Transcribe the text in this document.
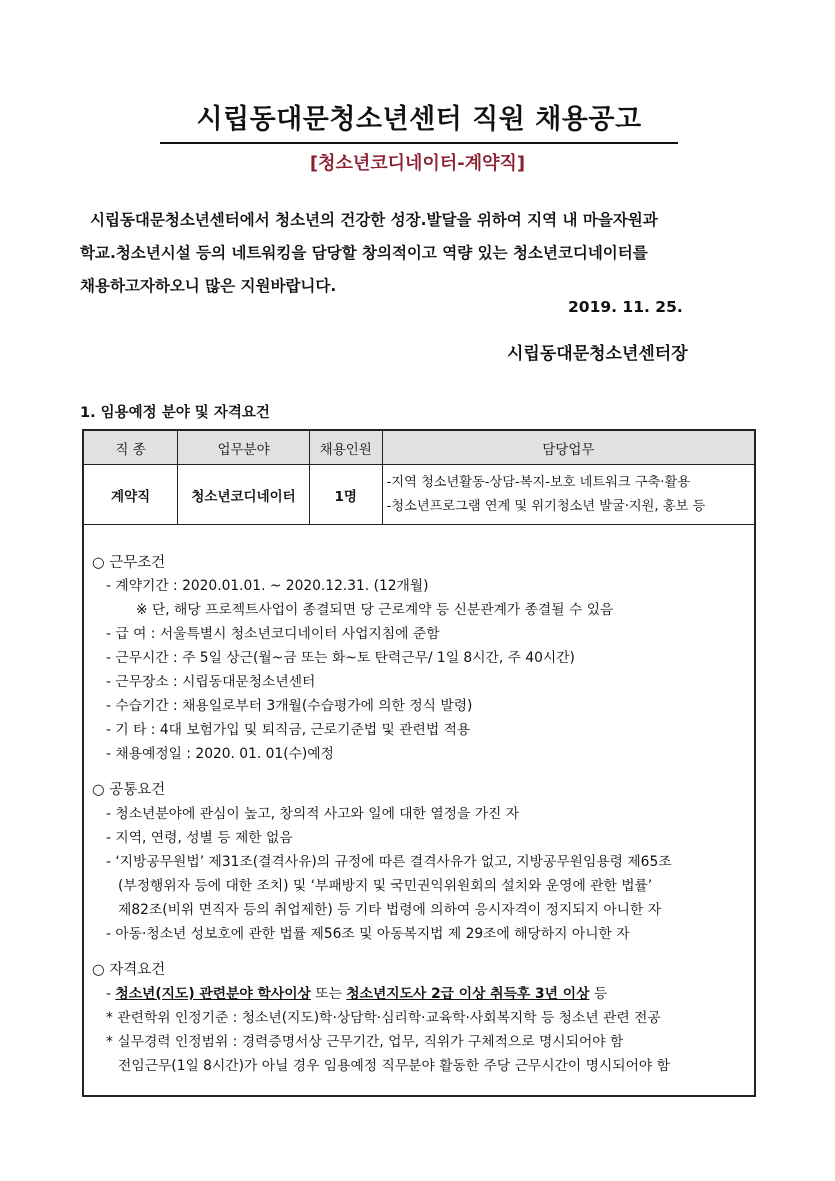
시립동대문청소년센터 직원 채용공고
[청소년코디네이터-계약직]

시립동대문청소년센터에서 청소년의 건강한 성장.발달을 위하여 지역 내 마을자원과

학교.청소년시설 등의 네트워킹을 담당할 창의적이고 역량 있는 청소년코디네이터를

채용하고자하오니 많은 지원바랍니다.

2019. 11. 25.
시립동대문청소년센터장
1. 임용예정 분야 및 자격요건
직 종	업무분야	채용인원	담당업무
계약직	청소년코디네이터	1명	-지역 청소년활동-상담-복지-보호 네트워크 구축·활용
-청소년프로그램 연계 및 위기청소년 발굴·지원, 홍보 등
○ 근무조건
- 계약기간 : 2020.01.01. ~ 2020.12.31. (12개월)
※ 단, 해당 프로젝트사업이 종결되면 당 근로계약 등 신분관계가 종결될 수 있음
- 급 여 : 서울특별시 청소년코디네이터 사업지침에 준함
- 근무시간 : 주 5일 상근(월~금 또는 화~토 탄력근무/ 1일 8시간, 주 40시간)
- 근무장소 : 시립동대문청소년센터
- 수습기간 : 채용일로부터 3개월(수습평가에 의한 정식 발령)
- 기 타 : 4대 보험가입 및 퇴직금, 근로기준법 및 관련법 적용
- 채용예정일 : 2020. 01. 01(수)예정
○ 공통요건
- 청소년분야에 관심이 높고, 창의적 사고와 일에 대한 열정을 가진 자
- 지역, 연령, 성별 등 제한 없음
- ‘지방공무원법’ 제31조(결격사유)의 규정에 따른 결격사유가 없고, 지방공무원임용령 제65조
(부정행위자 등에 대한 조치) 및 ‘부패방지 및 국민권익위원회의 설치와 운영에 관한 법률’
제82조(비위 면직자 등의 취업제한) 등 기타 법령에 의하여 응시자격이 정지되지 아니한 자
- 아동·청소년 성보호에 관한 법률 제56조 및 아동복지법 제 29조에 해당하지 아니한 자
○ 자격요건
- 청소년(지도) 관련분야 학사이상 또는 청소년지도사 2급 이상 취득후 3년 이상 등
* 관련학위 인정기준 : 청소년(지도)학·상담학·심리학·교육학·사회복지학 등 청소년 관련 전공
* 실무경력 인정범위 : 경력증명서상 근무기간, 업무, 직위가 구체적으로 명시되어야 함
전임근무(1일 8시간)가 아닐 경우 임용예정 직무분야 활동한 주당 근무시간이 명시되어야 함
